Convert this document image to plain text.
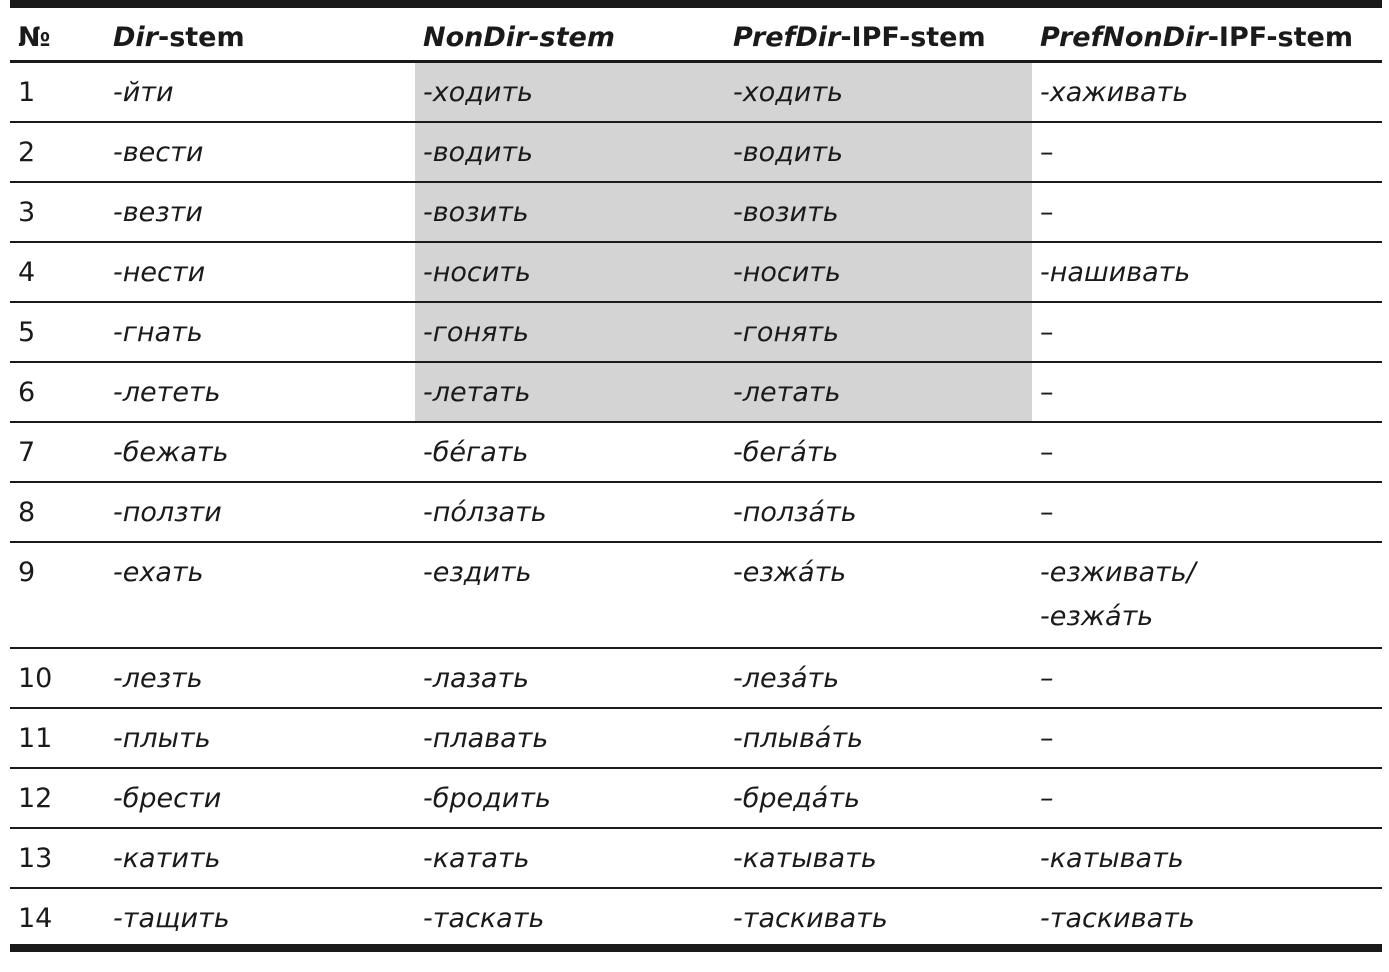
№	Dir-stem	NonDir-stem	PrefDir-IPF-stem	PrefNonDir-IPF-stem
1	-йти	-ходить	-ходить	-хаживать

2	-вести	-водить	-водить	–

3	-везти	-возить	-возить	–

4	-нести	-носить	-носить	-нашивать

5	-гнать	-гонять	-гонять	–

6	-лететь	-летать	-летать	–

7	-бежать	-бе́гать	-бега́ть	–

8	-ползти	-по́лзать	-полза́ть	–

9	-ехать	-ездить	-езжа́ть	-езживать/
-езжа́ть

10	-лезть	-лазать	-леза́ть	–

11	-плыть	-плавать	-плыва́ть	–

12	-брести	-бродить	-бреда́ть	–

13	-катить	-катать	-катывать	-катывать

14	-тащить	-таскать	-таскивать	-таскивать
